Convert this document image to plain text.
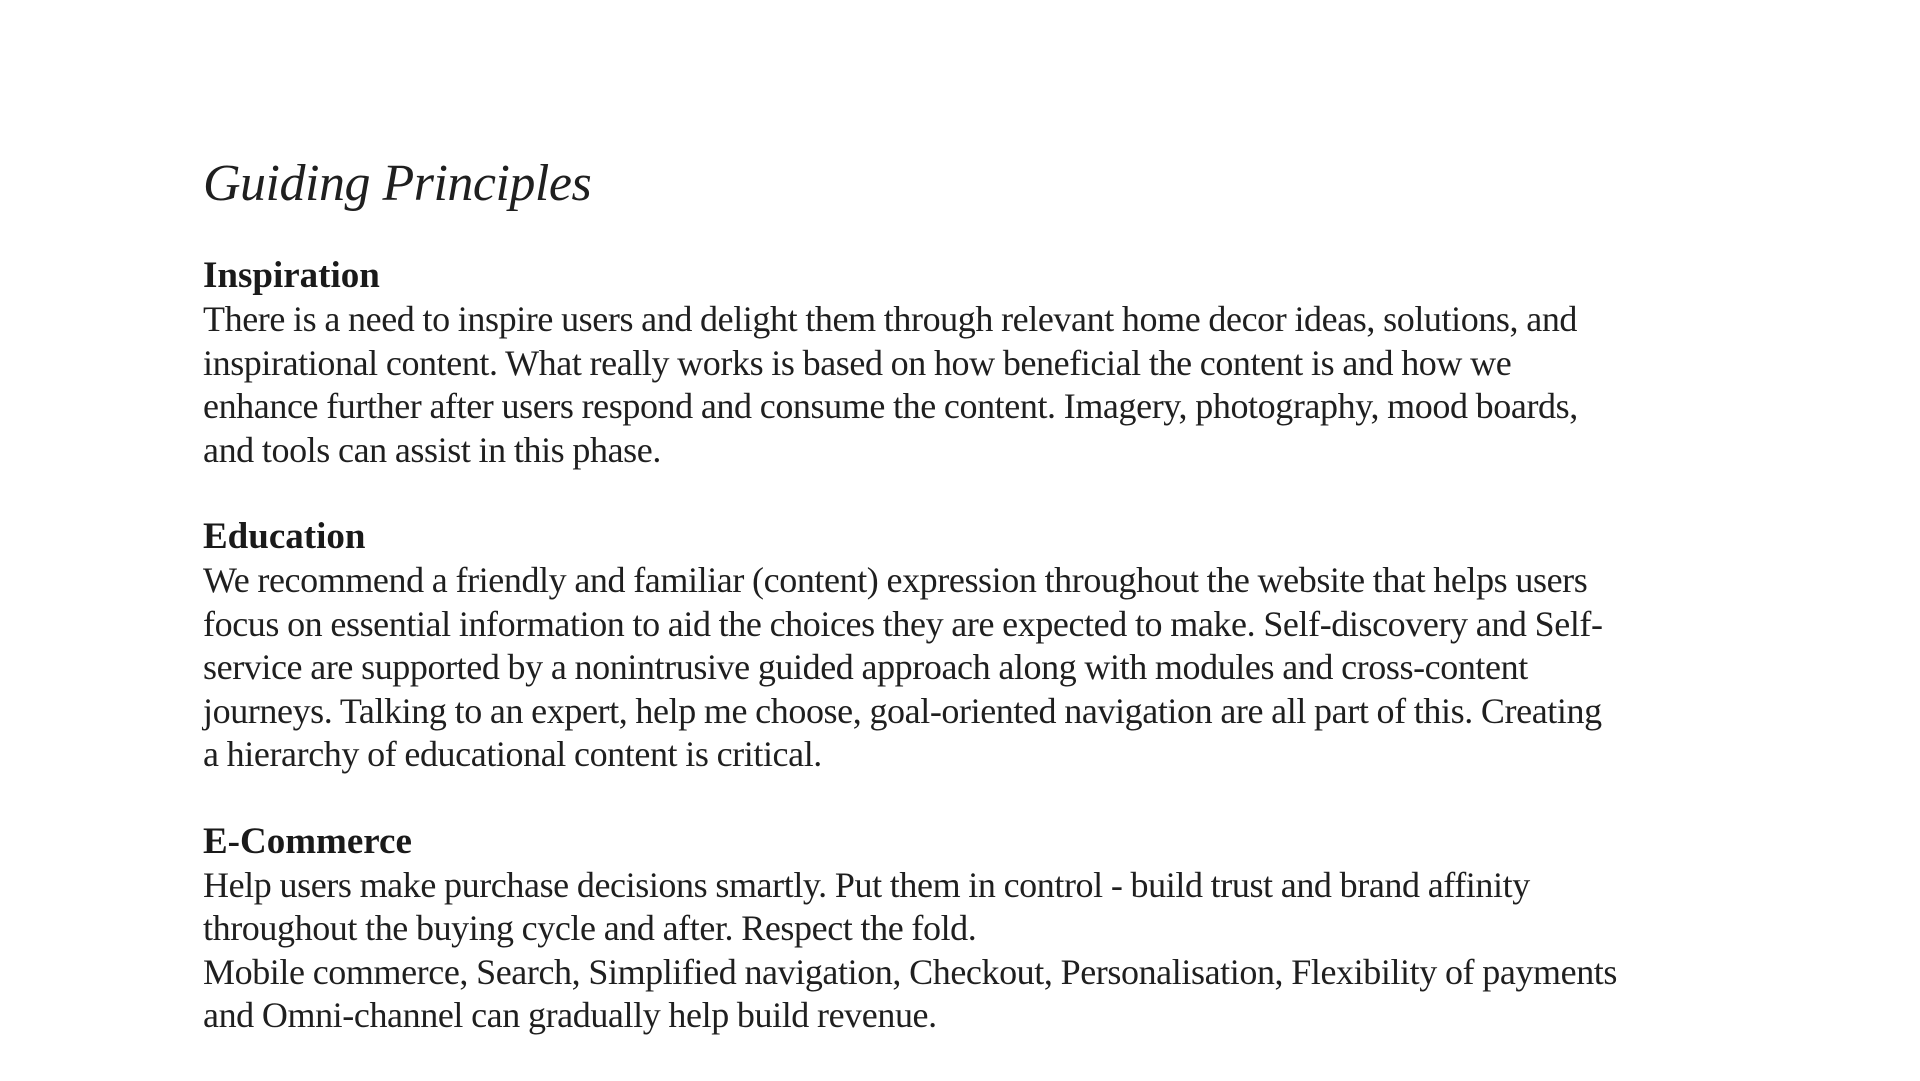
Guiding Principles
Inspiration

There is a need to inspire users and delight them through relevant home decor ideas, solutions, and inspirational content. What really works is based on how beneficial the content is and how we enhance further after users respond and consume the content. Imagery, photography, mood boards, and tools can assist in this phase.

Education

We recommend a friendly and familiar (content) expression throughout the website that helps users focus on essential information to aid the choices they are expected to make. Self-discovery and Self-service are supported by a nonintrusive guided approach along with modules and cross-content journeys. Talking to an expert, help me choose, goal-oriented navigation are all part of this. Creating a hierarchy of educational content is critical.

E-Commerce

Help users make purchase decisions smartly. Put them in control - build trust and brand affinity throughout the buying cycle and after. Respect the fold.

Mobile commerce, Search, Simplified navigation, Checkout, Personalisation, Flexibility of payments and Omni-channel can gradually help build revenue.
